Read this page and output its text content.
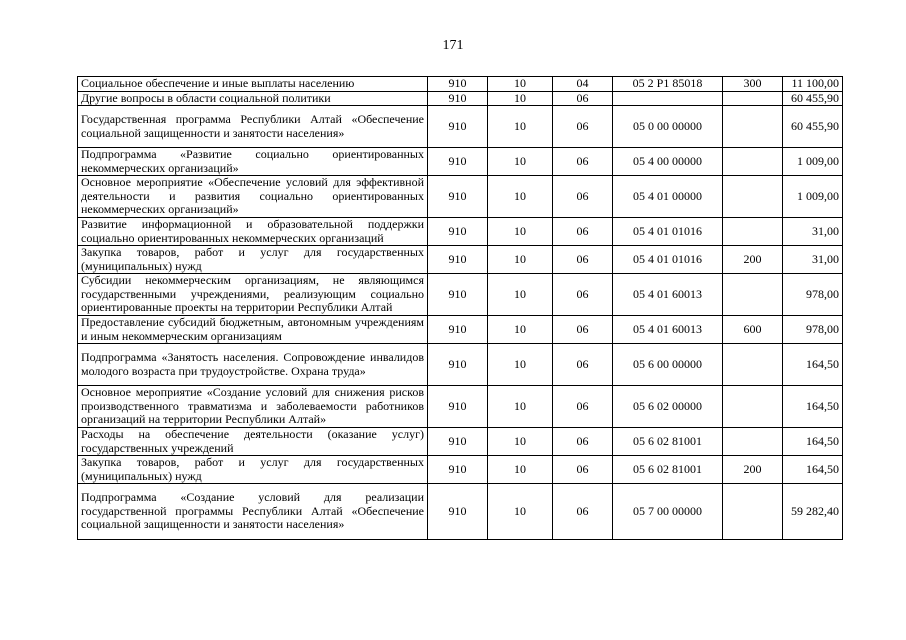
171
Социальное обеспечение и иные выплаты населению	910	10	04	05 2 P1 85018	300	11 100,00
Другие вопросы в области социальной политики	910	10	06			60 455,90
Государственная программа Республики Алтай «Обеспечение социальной защищенности и занятости населения»	910	10	06	05 0 00 00000		60 455,90
Подпрограмма «Развитие социально ориентированных некоммерческих организаций»	910	10	06	05 4 00 00000		1 009,00
Основное мероприятие «Обеспечение условий для эффективной деятельности и развития социально ориентированных некоммерческих организаций»	910	10	06	05 4 01 00000		1 009,00
Развитие информационной и образовательной поддержки социально ориентированных некоммерческих организаций	910	10	06	05 4 01 01016		31,00
Закупка товаров, работ и услуг для государственных (муниципальных) нужд	910	10	06	05 4 01 01016	200	31,00
Субсидии некоммерческим организациям, не являющимся государственными учреждениями, реализующим социально ориентированные проекты на территории Республики Алтай	910	10	06	05 4 01 60013		978,00
Предоставление субсидий бюджетным, автономным учреждениям и иным некоммерческим организациям	910	10	06	05 4 01 60013	600	978,00
Подпрограмма «Занятость населения. Сопровождение инвалидов молодого возраста при трудоустройстве. Охрана труда»	910	10	06	05 6 00 00000		164,50
Основное мероприятие «Создание условий для снижения рисков производственного травматизма и заболеваемости работников организаций на территории Республики Алтай»	910	10	06	05 6 02 00000		164,50
Расходы на обеспечение деятельности (оказание услуг) государственных учреждений	910	10	06	05 6 02 81001		164,50
Закупка товаров, работ и услуг для государственных (муниципальных) нужд	910	10	06	05 6 02 81001	200	164,50
Подпрограмма «Создание условий для реализации государственной программы Республики Алтай «Обеспечение социальной защищенности и занятости населения»	910	10	06	05 7 00 00000		59 282,40
